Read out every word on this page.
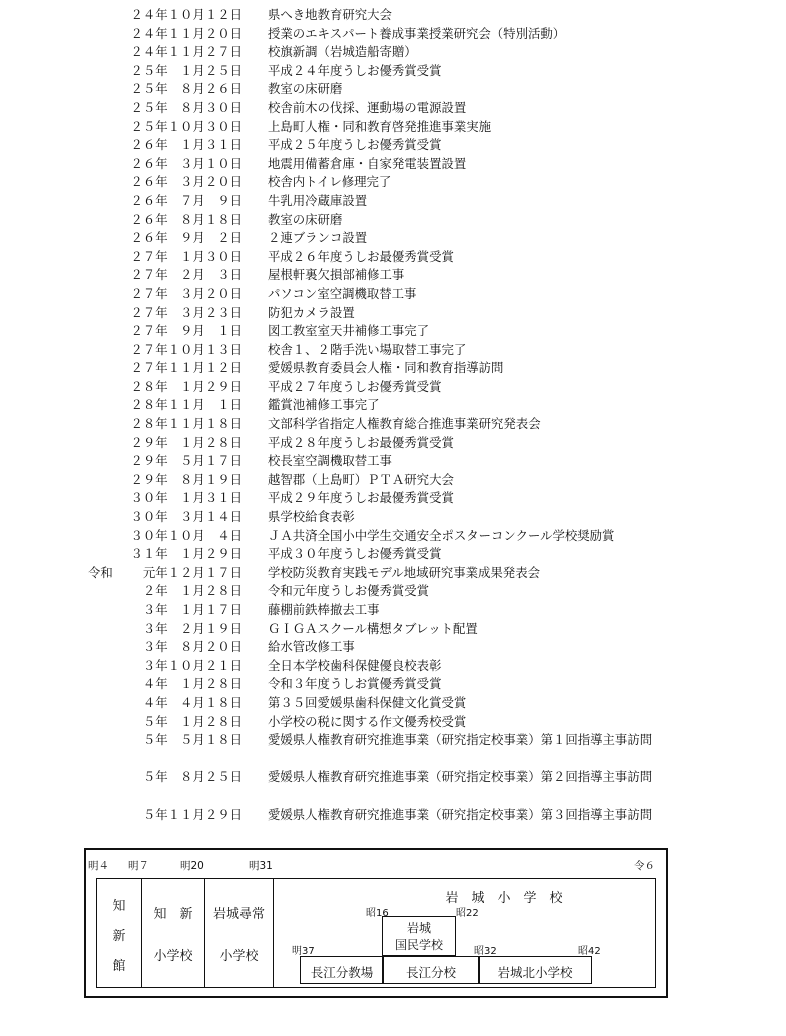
２４年１０月１２日 県へき地教育研究大会
２４年１１月２０日 授業のエキスパート養成事業授業研究会（特別活動）
２４年１１月２７日 校旗新調（岩城造船寄贈）
２５年　１月２５日 平成２４年度うしお優秀賞受賞
２５年　８月２６日 教室の床研磨
２５年　８月３０日 校舎前木の伐採、運動場の電源設置
２５年１０月３０日 上島町人権・同和教育啓発推進事業実施
２６年　１月３１日 平成２５年度うしお優秀賞受賞
２６年　３月１０日 地震用備蓄倉庫・自家発電装置設置
２６年　３月２０日 校舎内トイレ修理完了
２６年　７月　９日 牛乳用冷蔵庫設置
２６年　８月１８日 教室の床研磨
２６年　９月　２日 ２連ブランコ設置
２７年　１月３０日 平成２６年度うしお最優秀賞受賞
２７年　２月　３日 屋根軒裏欠損部補修工事
２７年　３月２０日 パソコン室空調機取替工事
２７年　３月２３日 防犯カメラ設置
２７年　９月　１日 図工教室室天井補修工事完了
２７年１０月１３日 校舎１、２階手洗い場取替工事完了
２７年１１月１２日 愛媛県教育委員会人権・同和教育指導訪問
２８年　１月２９日 平成２７年度うしお優秀賞受賞
２８年１１月　１日 鑑賞池補修工事完了
２８年１１月１８日 文部科学省指定人権教育総合推進事業研究発表会
２９年　１月２８日 平成２８年度うしお最優秀賞受賞
２９年　５月１７日 校長室空調機取替工事
２９年　８月１９日 越智郡（上島町）ＰＴＡ研究大会
３０年　１月３１日 平成２９年度うしお最優秀賞受賞
３０年　３月１４日 県学校給食表彰
３０年１０月　４日 ＪＡ共済全国小中学生交通安全ポスターコンクール学校奨励賞
３１年　１月２９日 平成３０年度うしお優秀賞受賞
令和	元年１２月１７日 学校防災教育実践モデル地域研究事業成果発表会
２年　１月２８日 令和元年度うしお優秀賞受賞
３年　１月１７日 藤棚前鉄棒撤去工事
３年　２月１９日 ＧＩＧＡスクール構想タブレット配置
３年　８月２０日 給水管改修工事
３年１０月２１日 全日本学校歯科保健優良校表彰
４年　１月２８日 令和３年度うしお賞優秀賞受賞
４年　４月１８日 第３５回愛媛県歯科保健文化賞受賞
５年　１月２８日 小学校の税に関する作文優秀校受賞
５年　５月１８日 愛媛県人権教育研究推進事業（研究指定校事業）第１回指導主事訪問
５年　８月２５日 愛媛県人権教育研究推進事業（研究指定校事業）第２回指導主事訪問
５年１１月２９日 愛媛県人権教育研究推進事業（研究指定校事業）第３回指導主事訪問
明４ 明７	明20	明31	令６
知
新
館
知　新
小学校
岩城尋常
小学校
岩　城　小　学　校
昭16	昭22
岩城
国民学校
明37	昭32	昭42
長江分教場	長江分校	岩城北小学校
